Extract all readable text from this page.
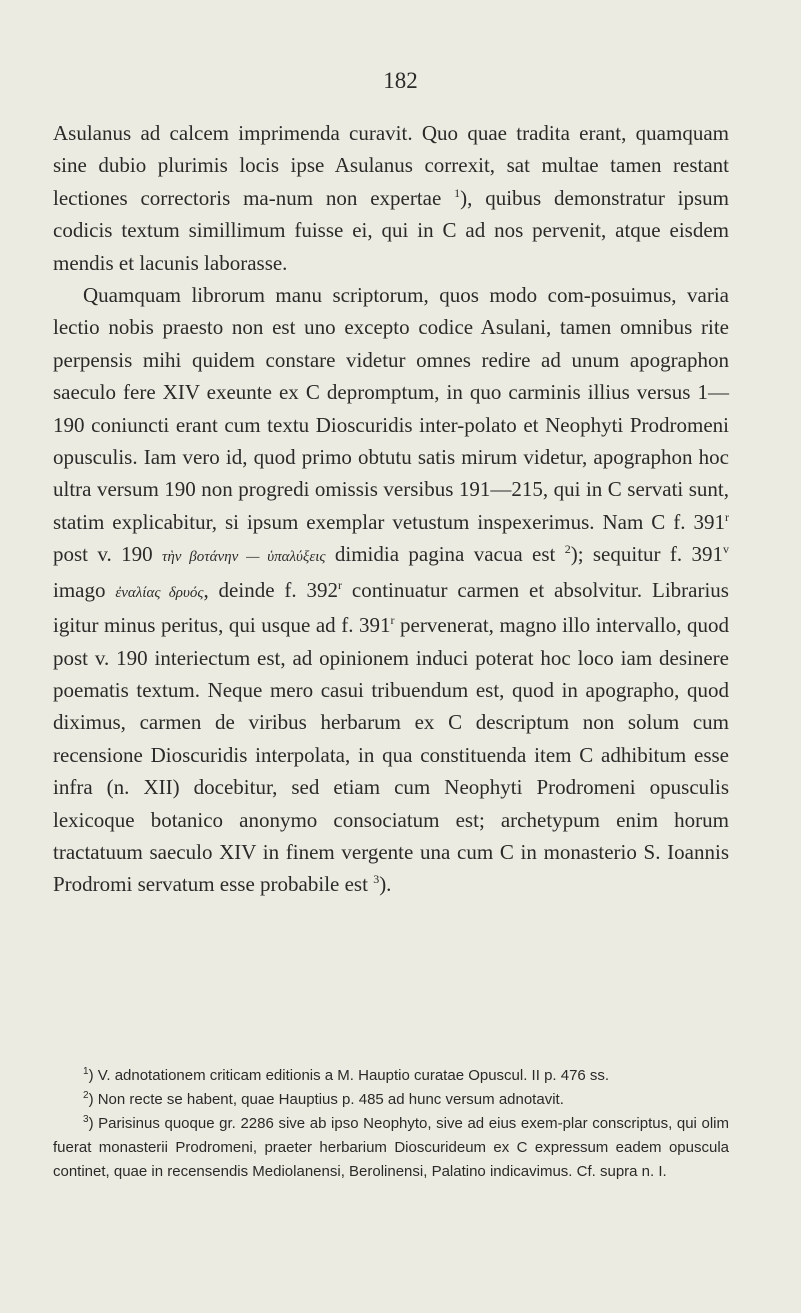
182

Asulanus ad calcem imprimenda curavit. Quo quae tradita erant, quamquam sine dubio plurimis locis ipse Asulanus correxit, sat multae tamen restant lectiones correctoris ma-num non expertae $^1$), quibus demonstratur ipsum codicis textum simillimum fuisse ei, qui in C ad nos pervenit, atque eisdem mendis et lacunis laborasse.

Quamquam librorum manu scriptorum, quos modo com-posuimus, varia lectio nobis praesto non est uno excepto codice Asulani, tamen omnibus rite perpensis mihi quidem constare videtur omnes redire ad unum apographon saeculo fere XIV exeunte ex C depromptum, in quo carminis illius versus 1—190 coniuncti erant cum textu Dioscuridis inter-polato et Neophyti Prodromeni opusculis. Iam vero id, quod primo obtutu satis mirum videtur, apographon hoc ultra versum 190 non progredi omissis versibus 191—215, qui in C servati sunt, statim explicabitur, si ipsum exemplar vetustum inspexerimus. Nam C f. 391$^r$ post v. 190 τὴν βοτάνην — ὑπαλύξεις dimidia pagina vacua est $^2$); sequitur f. 391$^v$ imago ἐναλίας δρυός, deinde f. 392$^r$ continuatur carmen et absolvitur. Librarius igitur minus peritus, qui usque ad f. 391$^r$ pervenerat, magno illo intervallo, quod post v. 190 interiectum est, ad opinionem induci poterat hoc loco iam desinere poematis textum. Neque mero casui tribuendum est, quod in apographo, quod diximus, carmen de viribus herbarum ex C descriptum non solum cum recensione Dioscuridis interpolata, in qua constituenda item C adhibitum esse infra (n. XII) docebitur, sed etiam cum Neophyti Prodromeni opusculis lexicoque botanico anonymo consociatum est; archetypum enim horum tractatuum saeculo XIV in finem vergente una cum C in monasterio S. Ioannis Prodromi servatum esse probabile est $^3$).

$^1$) V. adnotationem criticam editionis a M. Hauptio curatae Opuscul. II p. 476 ss.

$^2$) Non recte se habent, quae Hauptius p. 485 ad hunc versum adnotavit.

$^3$) Parisinus quoque gr. 2286 sive ab ipso Neophyto, sive ad eius exem-plar conscriptus, qui olim fuerat monasterii Prodromeni, praeter herbarium Dioscurideum ex C expressum eadem opuscula continet, quae in recensendis Mediolanensi, Berolinensi, Palatino indicavimus. Cf. supra n. I.
